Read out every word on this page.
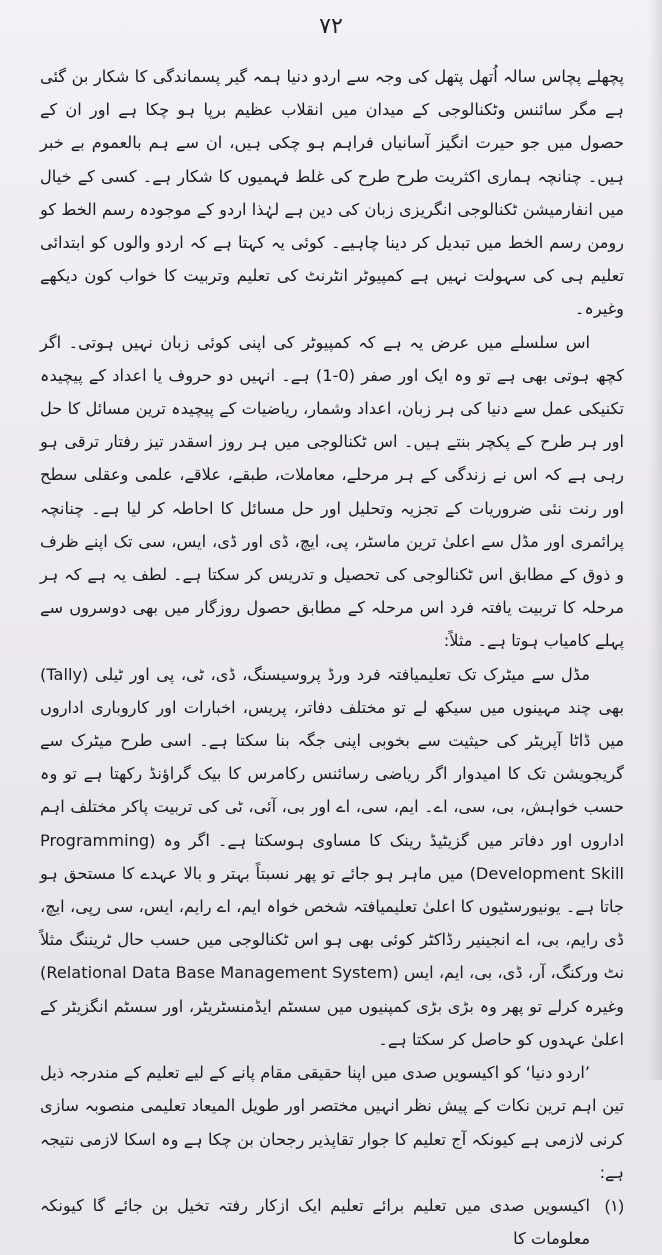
۷۲

پچھلے پچاس سالہ اُتھل پتھل کی وجہ سے اردو دنیا ہمہ گیر پسماندگی کا شکار بن گئی ہے مگر سائنس وٹکنالوجی کے میدان میں انقلاب عظیم برپا ہو چکا ہے اور ان کے حصول میں جو حیرت انگیز آسانیاں فراہم ہو چکی ہیں، ان سے ہم بالعموم بے خبر ہیں۔ چنانچہ ہماری اکثریت طرح طرح کی غلط فہمیوں کا شکار ہے۔ کسی کے خیال میں انفارمیشن ٹکنالوجی انگریزی زبان کی دین ہے لہٰذا اردو کے موجودہ رسم الخط کو رومن رسم الخط میں تبدیل کر دینا چاہیے۔ کوئی یہ کہتا ہے کہ اردو والوں کو ابتدائی تعلیم ہی کی سہولت نہیں ہے کمپیوٹر انٹرنٹ کی تعلیم وتربیت کا خواب کون دیکھے وغیرہ۔

اس سلسلے میں عرض یہ ہے کہ کمپیوٹر کی اپنی کوئی زبان نہیں ہوتی۔ اگر کچھ ہوتی بھی ہے تو وہ ایک اور صفر (0-1) ہے۔ انہیں دو حروف یا اعداد کے پیچیدہ تکنیکی عمل سے دنیا کی ہر زبان، اعداد وشمار، ریاضیات کے پیچیدہ ترین مسائل کا حل اور ہر طرح کے پکچر بنتے ہیں۔ اس ٹکنالوجی میں ہر روز اسقدر تیز رفتار ترقی ہو رہی ہے کہ اس نے زندگی کے ہر مرحلے، معاملات، طبقے، علاقے، علمی وعقلی سطح اور رنت نئی ضروریات کے تجزیہ وتحلیل اور حل مسائل کا احاطہ کر لیا ہے۔ چنانچہ پرائمری اور مڈل سے اعلیٰ ترین ماسٹر، پی، ایچ، ڈی اور ڈی، ایس، سی تک اپنے ظرف و ذوق کے مطابق اس ٹکنالوجی کی تحصیل و تدریس کر سکتا ہے۔ لطف یہ ہے کہ ہر مرحلہ کا تربیت یافتہ فرد اس مرحلہ کے مطابق حصول روزگار میں بھی دوسروں سے پہلے کامیاب ہوتا ہے۔ مثلاً:

مڈل سے میٹرک تک تعلیمیافتہ فرد ورڈ پروسیسنگ، ڈی، ٹی، پی اور ٹیلی (Tally) بھی چند مہینوں میں سیکھ لے تو مختلف دفاتر، پریس، اخبارات اور کاروباری اداروں میں ڈاٹا آپریٹر کی حیثیت سے بخوبی اپنی جگہ بنا سکتا ہے۔ اسی طرح میٹرک سے گریجویشن تک کا امیدوار اگر ریاضی رسائنس رکامرس کا بیک گراؤنڈ رکھتا ہے تو وہ حسب خواہش، بی، سی، اے۔ ایم، سی، اے اور بی، آئی، ٹی کی تربیت پاکر مختلف اہم اداروں اور دفاتر میں گزیٹیڈ رینک کا مساوی ہوسکتا ہے۔ اگر وہ (Programming Development Skill) میں ماہر ہو جائے تو پھر نسبتاً بہتر و بالا عہدے کا مستحق ہو جاتا ہے۔ یونیورسٹیوں کا اعلیٰ تعلیمیافتہ شخص خواہ ایم، اے رایم، ایس، سی رپی، ایچ، ڈی رایم، بی، اے انجینیر رڈاکٹر کوئی بھی ہو اس ٹکنالوجی میں حسب حال ٹریننگ مثلاً نٹ ورکنگ، آر، ڈی، بی، ایم، ایس (Relational Data Base Management System) وغیرہ کرلے تو پھر وہ بڑی بڑی کمپنیوں میں سسٹم ایڈمنسٹریٹر، اور سسٹم انگزیٹر کے اعلیٰ عہدوں کو حاصل کر سکتا ہے۔

’اردو دنیا‘ کو اکیسویں صدی میں اپنا حقیقی مقام پانے کے لیے تعلیم کے مندرجہ ذیل تین اہم ترین نکات کے پیش نظر انہیں مختصر اور طویل المیعاد تعلیمی منصوبہ سازی کرنی لازمی ہے کیونکہ آج تعلیم کا جوار تقاپذیر رجحان بن چکا ہے وہ اسکا لازمی نتیجہ ہے:

(۱)
اکیسویں صدی میں تعلیم برائے تعلیم ایک ازکار رفتہ تخیل بن جائے گا کیونکہ معلومات کا
